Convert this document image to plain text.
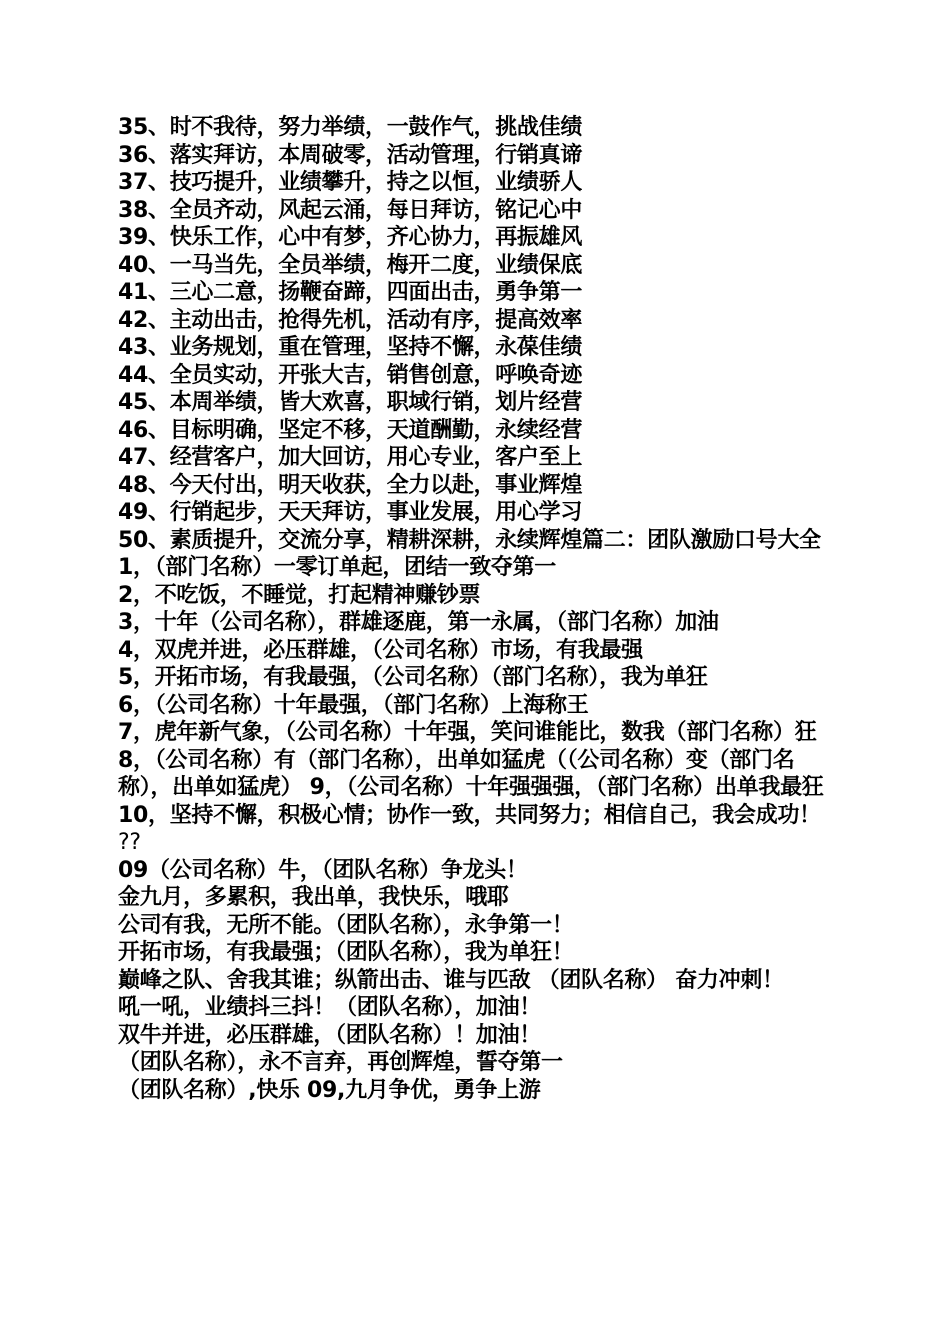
35、时不我待，努力举绩，一鼓作气，挑战佳绩
36、落实拜访，本周破零，活动管理，行销真谛
37、技巧提升，业绩攀升，持之以恒，业绩骄人
38、全员齐动，风起云涌，每日拜访，铭记心中
39、快乐工作，心中有梦，齐心协力，再振雄风
40、一马当先，全员举绩，梅开二度，业绩保底
41、三心二意，扬鞭奋蹄，四面出击，勇争第一
42、主动出击，抢得先机，活动有序，提高效率
43、业务规划，重在管理，坚持不懈，永葆佳绩
44、全员实动，开张大吉，销售创意，呼唤奇迹
45、本周举绩，皆大欢喜，职域行销，划片经营
46、目标明确，坚定不移，天道酬勤，永续经营
47、经营客户，加大回访，用心专业，客户至上
48、今天付出，明天收获，全力以赴，事业辉煌
49、行销起步，天天拜访，事业发展，用心学习
50、素质提升，交流分享，精耕深耕，永续辉煌篇二：团队激励口号大全
1，（部门名称）一零订单起，团结一致夺第一
2，不吃饭，不睡觉，打起精神赚钞票
3，十年（公司名称），群雄逐鹿，第一永属，（部门名称）加油
4，双虎并进，必压群雄，（公司名称）市场，有我最强
5，开拓市场，有我最强，（公司名称）（部门名称），我为单狂
6，（公司名称）十年最强，（部门名称）上海称王
7，虎年新气象，（公司名称）十年强，笑问谁能比，数我（部门名称）狂
8，（公司名称）有（部门名称），出单如猛虎（（公司名称）变（部门名称），出单如猛虎） 9，（公司名称）十年强强强，（部门名称）出单我最狂
10，坚持不懈，积极心情；协作一致，共同努力；相信自己，我会成功！
??
09（公司名称）牛，（团队名称）争龙头！
金九月，多累积，我出单，我快乐，哦耶
公司有我，无所不能。（团队名称），永争第一！
开拓市场，有我最强；（团队名称），我为单狂！
巅峰之队、舍我其谁；纵箭出击、谁与匹敌 （团队名称） 奋力冲刺！
吼一吼，业绩抖三抖！（团队名称），加油！
双牛并进，必压群雄，（团队名称）！加油！
（团队名称），永不言弃，再创辉煌，誓夺第一
（团队名称）,快乐 09,九月争优，勇争上游
